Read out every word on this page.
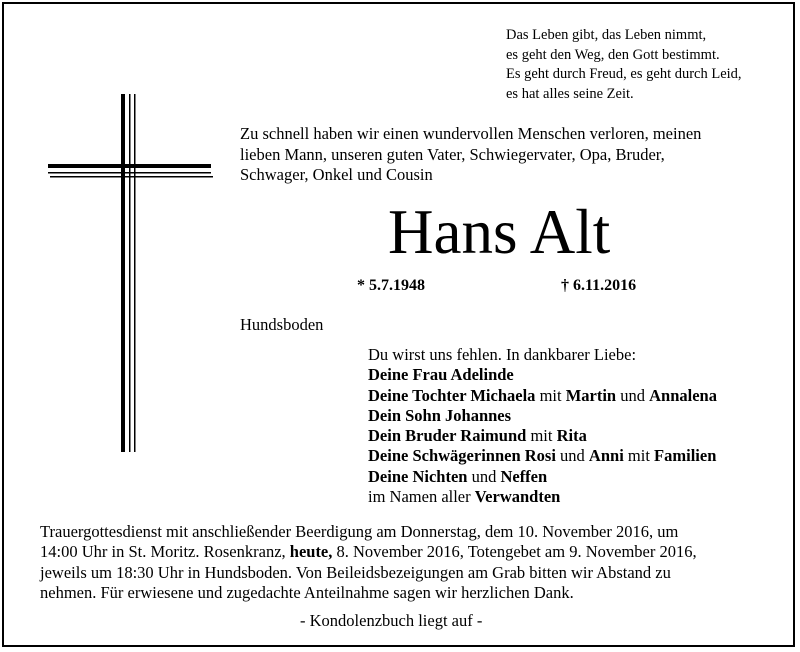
Das Leben gibt, das Leben nimmt,
es geht den Weg, den Gott bestimmt.
Es geht durch Freud, es geht durch Leid,
es hat alles seine Zeit.
Zu schnell haben wir einen wundervollen Menschen verloren, meinen
lieben Mann, unseren guten Vater, Schwiegervater, Opa, Bruder,
Schwager, Onkel und Cousin
Hans Alt
* 5.7.1948	† 6.11.2016
Hundsboden
Du wirst uns fehlen. In dankbarer Liebe:
Deine Frau Adelinde
Deine Tochter Michaela mit Martin und Annalena
Dein Sohn Johannes
Dein Bruder Raimund mit Rita
Deine Schwägerinnen Rosi und Anni mit Familien
Deine Nichten und Neffen
im Namen aller Verwandten
Trauergottesdienst mit anschließender Beerdigung am Donnerstag, dem 10. November 2016, um
14:00 Uhr in St. Moritz. Rosenkranz, heute, 8. November 2016, Totengebet am 9. November 2016,
jeweils um 18:30 Uhr in Hundsboden. Von Beileidsbezeigungen am Grab bitten wir Abstand zu
nehmen. Für erwiesene und zugedachte Anteilnahme sagen wir herzlichen Dank.
- Kondolenzbuch liegt auf -
